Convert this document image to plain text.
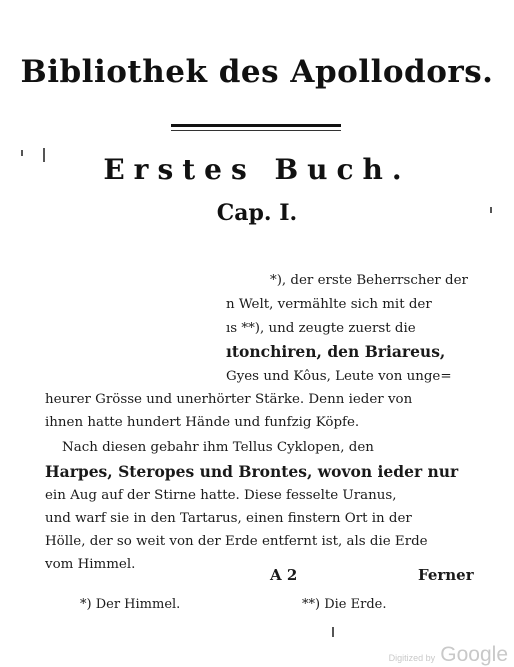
Bibliothek des Apollodors.
Erstes Buch.
Cap. I.
*), der erste Beherrscher der
n Welt, vermählte sich mit der
ıs **), und zeugte zuerst die
ıtonchiren, den Briareus,
Gyes und Kôus, Leute von unge=
heurer Grösse und unerhörter Stärke. Denn ieder von
ihnen hatte hundert Hände und funfzig Köpfe.
Nach diesen gebahr ihm Tellus Cyklopen, den
Harpes, Steropes und Brontes, wovon ieder nur
ein Aug auf der Stirne hatte. Diese fesselte Uranus,
und warf sie in den Tartarus, einen finstern Ort in der
Hölle, der so weit von der Erde entfernt ist, als die Erde
vom Himmel.
A 2	Ferner
*) Der Himmel.	**) Die Erde.
Digitized by Google
